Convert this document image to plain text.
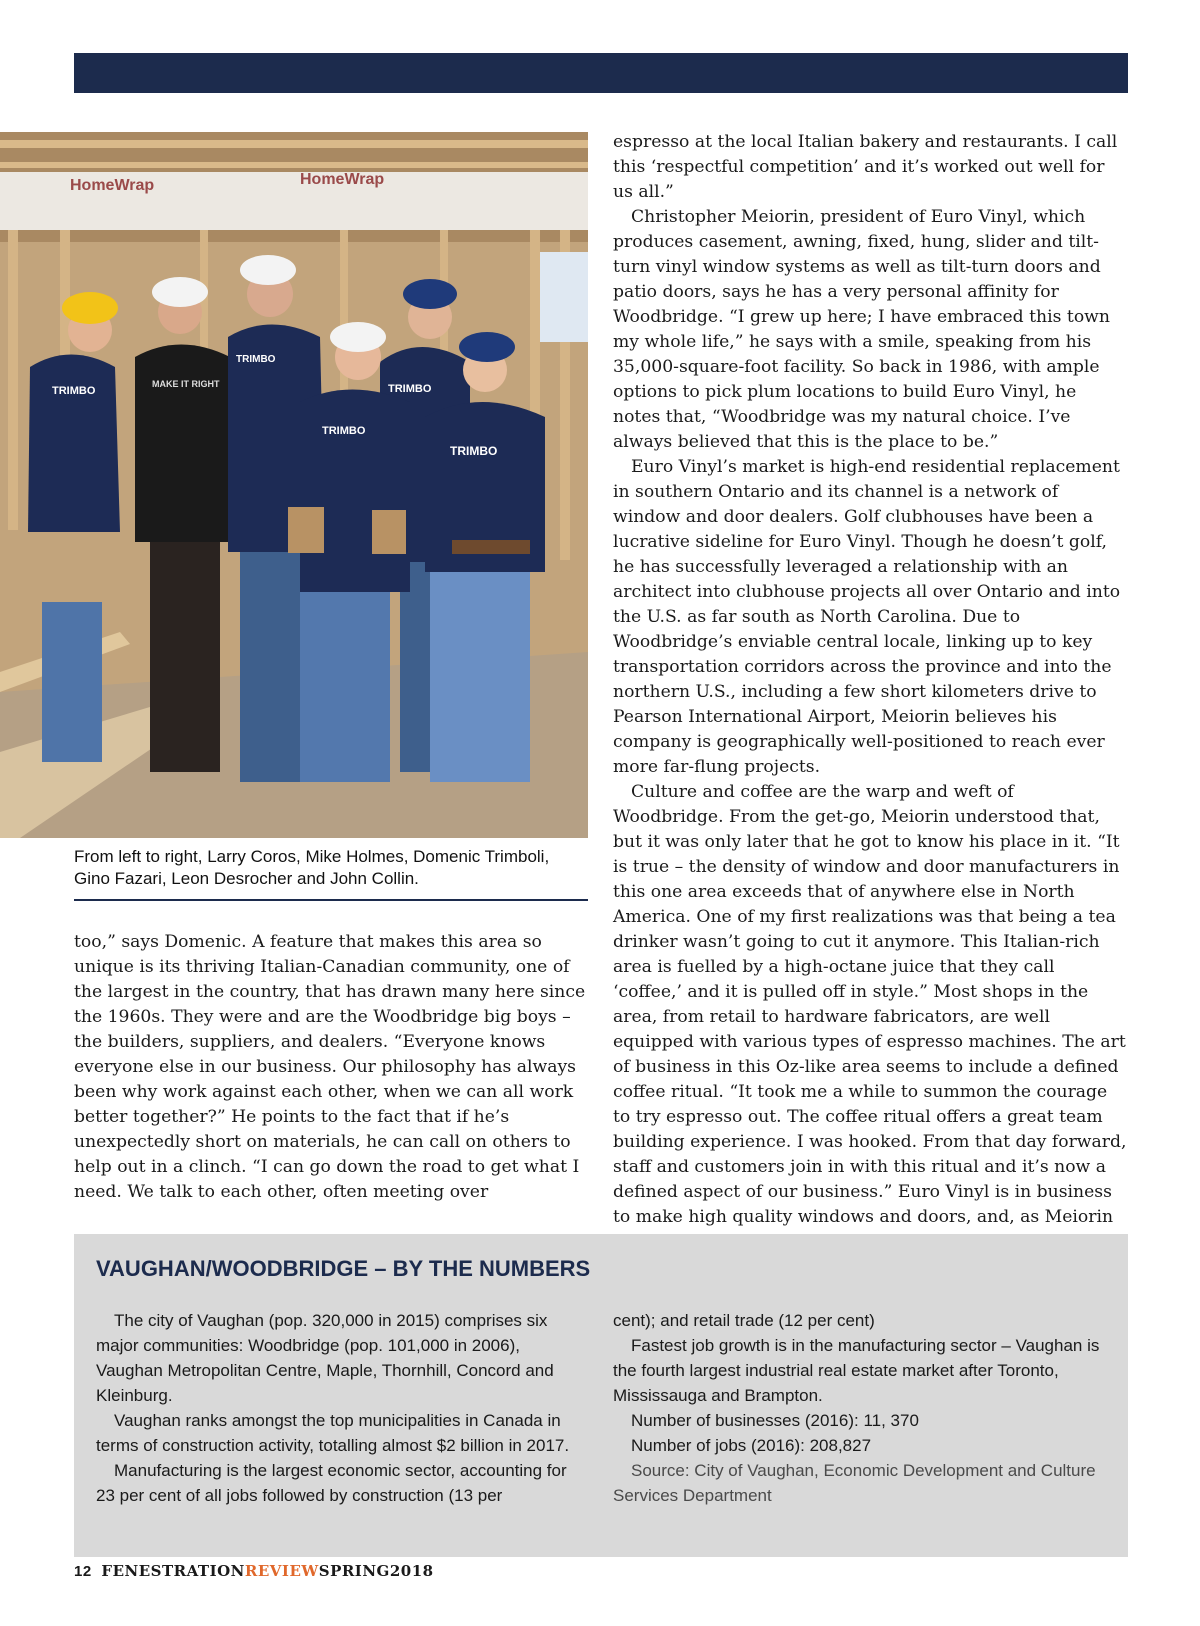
HomeWrap	HomeWrap
TRIMBO
MAKE IT RIGHT
TRIMBO
TRIMBO
TRIMBO
TRIMBO
From left to right, Larry Coros, Mike Holmes, Domenic Trimboli, Gino Fazari, Leon Desrocher and John Collin.

too,” says Domenic. A feature that makes this area so unique is its thriving Italian-Canadian community, one of the largest in the country, that has drawn many here since the 1960s. They were and are the Woodbridge big boys – the builders, suppliers, and dealers. “Everyone knows everyone else in our business. Our philosophy has always been why work against each other, when we can all work better together?” He points to the fact that if he’s unexpectedly short on materials, he can call on others to help out in a clinch. “I can go down the road to get what I need. We talk to each other, often meeting over

espresso at the local Italian bakery and restaurants. I call this ‘respectful competition’ and it’s worked out well for us all.”

Christopher Meiorin, president of Euro Vinyl, which produces casement, awning, fixed, hung, slider and tilt-turn vinyl window systems as well as tilt-turn doors and patio doors, says he has a very personal affinity for Woodbridge. “I grew up here; I have embraced this town my whole life,” he says with a smile, speaking from his 35,000-square-foot facility. So back in 1986, with ample options to pick plum locations to build Euro Vinyl, he notes that, “Woodbridge was my natural choice. I’ve always believed that this is the place to be.”

Euro Vinyl’s market is high-end residential replacement in southern Ontario and its channel is a network of window and door dealers. Golf clubhouses have been a lucrative sideline for Euro Vinyl. Though he doesn’t golf, he has successfully leveraged a relationship with an architect into clubhouse projects all over Ontario and into the U.S. as far south as North Carolina. Due to Woodbridge’s enviable central locale, linking up to key transportation corridors across the province and into the northern U.S., including a few short kilometers drive to Pearson International Airport, Meiorin believes his company is geographically well-positioned to reach ever more far-flung projects.

Culture and coffee are the warp and weft of Woodbridge. From the get-go, Meiorin understood that, but it was only later that he got to know his place in it. “It is true – the density of window and door manufacturers in this one area exceeds that of anywhere else in North America. One of my first realizations was that being a tea drinker wasn’t going to cut it anymore. This Italian-rich area is fuelled by a high-octane juice that they call ‘coffee,’ and it is pulled off in style.” Most shops in the area, from retail to hardware fabricators, are well equipped with various types of espresso machines. The art of business in this Oz-like area seems to include a defined coffee ritual. “It took me a while to summon the courage to try espresso out. The coffee ritual offers a great team building experience. I was hooked. From that day forward, staff and customers join in with this ritual and it’s now a defined aspect of our business.” Euro Vinyl is in business to make high quality windows and doors, and, as Meiorin

VAUGHAN/WOODBRIDGE – BY THE NUMBERS

The city of Vaughan (pop. 320,000 in 2015) comprises six major communities: Woodbridge (pop. 101,000 in 2006), Vaughan Metropolitan Centre, Maple, Thornhill, Concord and Kleinburg.

Vaughan ranks amongst the top municipalities in Canada in terms of construction activity, totalling almost $2 billion in 2017.

Manufacturing is the largest economic sector, accounting for 23 per cent of all jobs followed by construction (13 per

cent); and retail trade (12 per cent)

Fastest job growth is in the manufacturing sector – Vaughan is the fourth largest industrial real estate market after Toronto, Mississauga and Brampton.

Number of businesses (2016): 11, 370

Number of jobs (2016): 208,827

Source: City of Vaughan, Economic Development and Culture Services Department

12 FENESTRATIONREVIEWSPRING2018
